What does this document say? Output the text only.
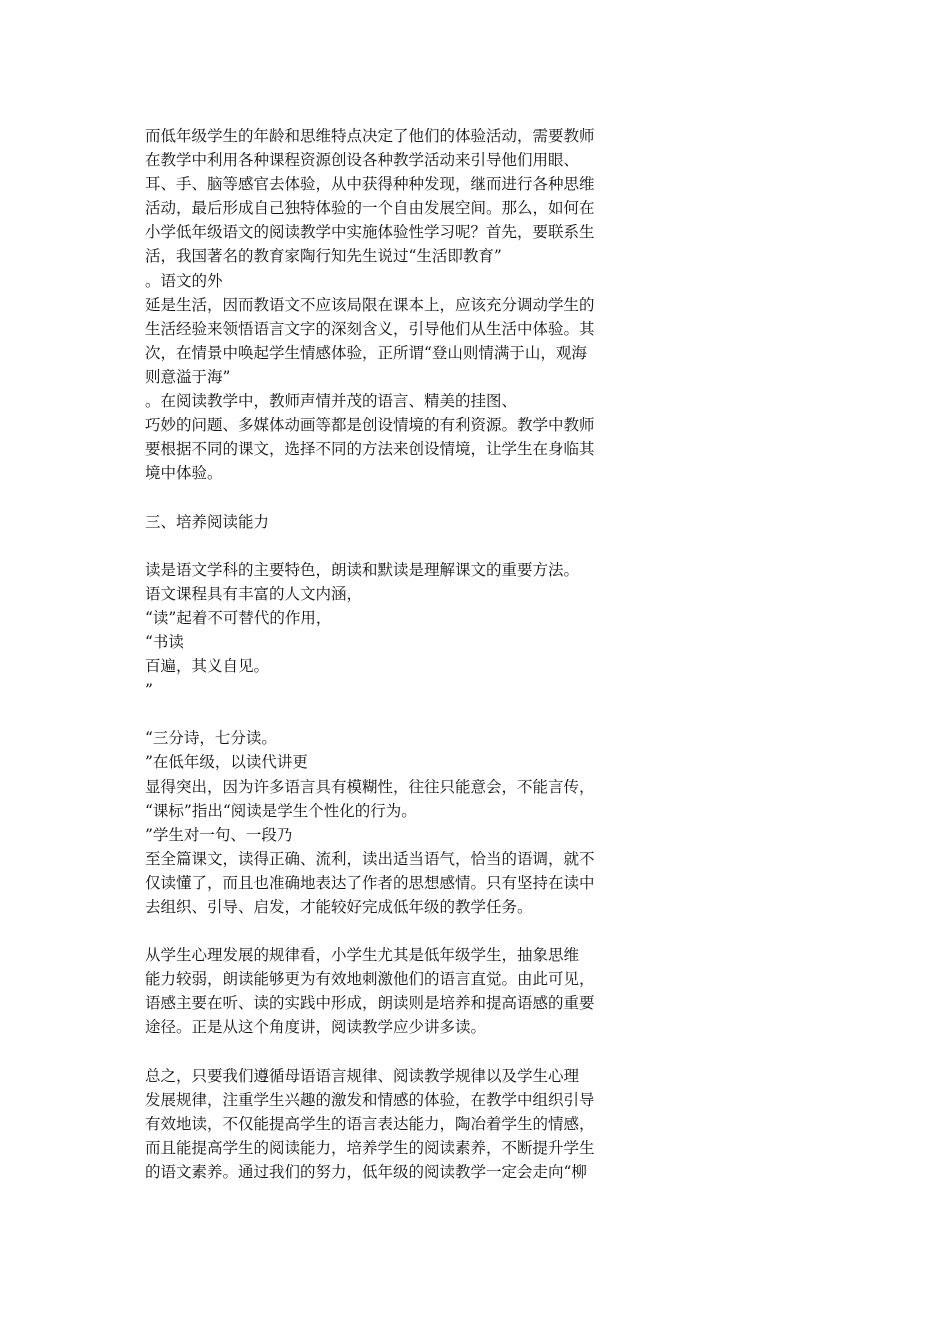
而低年级学生的年龄和思维特点决定了他们的体验活动，需要教师
在教学中利用各种课程资源创设各种教学活动来引导他们用眼、
耳、手、脑等感官去体验，从中获得种种发现，继而进行各种思维
活动，最后形成自己独特体验的一个自由发展空间。那么，如何在
小学低年级语文的阅读教学中实施体验性学习呢？首先，要联系生
活，我国著名的教育家陶行知先生说过“生活即教育”
。语文的外
延是生活，因而教语文不应该局限在课本上，应该充分调动学生的
生活经验来领悟语言文字的深刻含义，引导他们从生活中体验。其
次，在情景中唤起学生情感体验，正所谓“登山则情满于山，观海
则意溢于海”
。在阅读教学中，教师声情并茂的语言、精美的挂图、
巧妙的问题、多媒体动画等都是创设情境的有利资源。教学中教师
要根据不同的课文，选择不同的方法来创设情境，让学生在身临其
境中体验。
三、培养阅读能力
读是语文学科的主要特色，朗读和默读是理解课文的重要方法。
语文课程具有丰富的人文内涵，
“读”起着不可替代的作用，
“书读
百遍，其义自见。
”
“三分诗，七分读。
”在低年级，以读代讲更
显得突出，因为许多语言具有模糊性，往往只能意会，不能言传，
“课标”指出“阅读是学生个性化的行为。
”学生对一句、一段乃
至全篇课文，读得正确、流利，读出适当语气，恰当的语调，就不
仅读懂了，而且也准确地表达了作者的思想感情。只有坚持在读中
去组织、引导、启发，才能较好完成低年级的教学任务。
从学生心理发展的规律看，小学生尤其是低年级学生，抽象思维
能力较弱，朗读能够更为有效地刺激他们的语言直觉。由此可见，
语感主要在听、读的实践中形成，朗读则是培养和提高语感的重要
途径。正是从这个角度讲，阅读教学应少讲多读。
总之，只要我们遵循母语语言规律、阅读教学规律以及学生心理
发展规律，注重学生兴趣的激发和情感的体验，在教学中组织引导
有效地读，不仅能提高学生的语言表达能力，陶冶着学生的情感，
而且能提高学生的阅读能力，培养学生的阅读素养，不断提升学生
的语文素养。通过我们的努力，低年级的阅读教学一定会走向“柳
